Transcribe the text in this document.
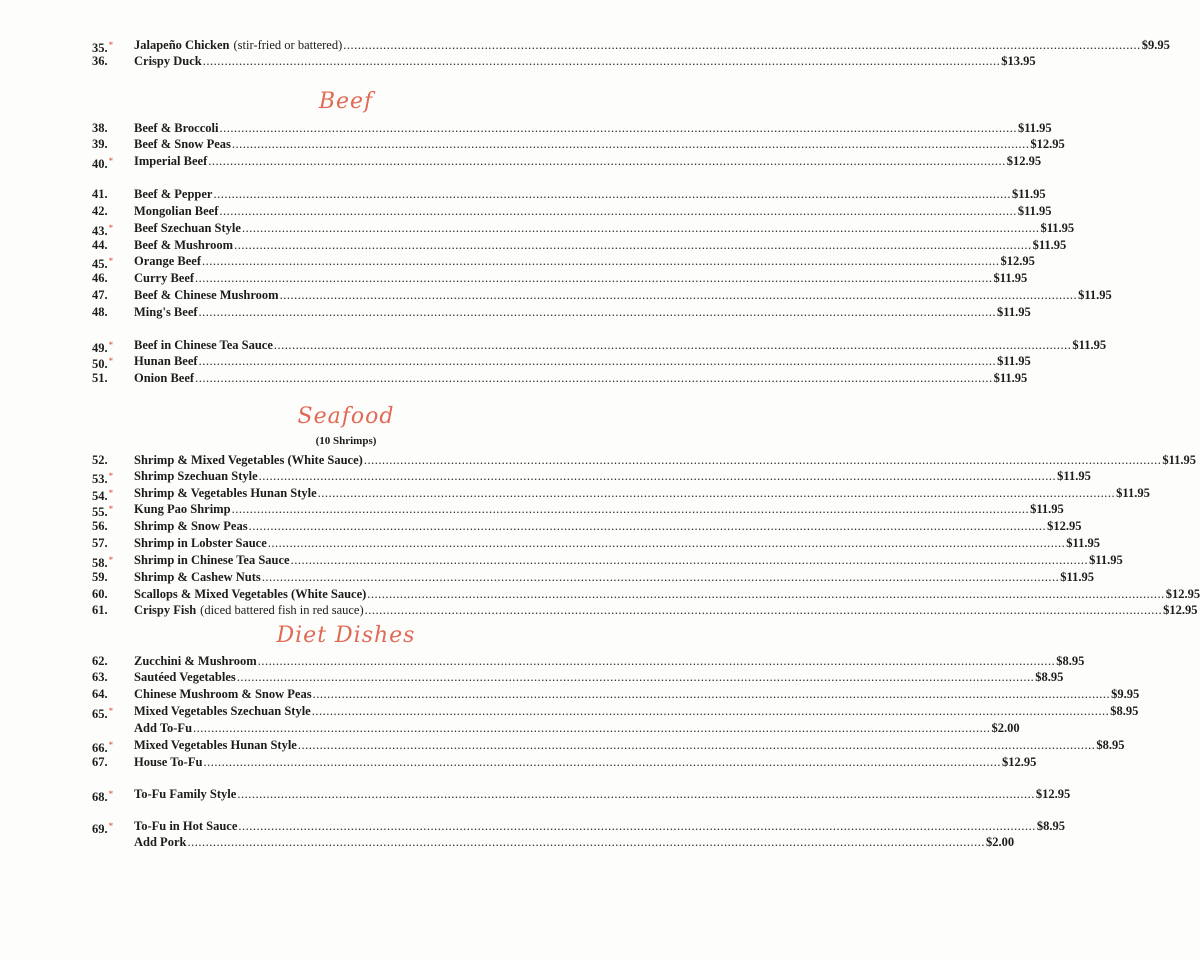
35.* Jalapeño Chicken (stir-fried or battered) ............................................................................................................................................................................................................................ $9.95
36. Crispy Duck ............................................................................................................................................................................................................................ $13.95
Beef
38. Beef & Broccoli ............................................................................................................................................................................................................................ $11.95
39. Beef & Snow Peas ............................................................................................................................................................................................................................ $12.95
40.* Imperial Beef ............................................................................................................................................................................................................................ $12.95
41. Beef & Pepper ............................................................................................................................................................................................................................ $11.95
42. Mongolian Beef ............................................................................................................................................................................................................................ $11.95
43.* Beef Szechuan Style ............................................................................................................................................................................................................................ $11.95
44. Beef & Mushroom ............................................................................................................................................................................................................................ $11.95
45.* Orange Beef ............................................................................................................................................................................................................................ $12.95
46. Curry Beef ............................................................................................................................................................................................................................ $11.95
47. Beef & Chinese Mushroom ............................................................................................................................................................................................................................ $11.95
48. Ming's Beef ............................................................................................................................................................................................................................ $11.95
49.* Beef in Chinese Tea Sauce ............................................................................................................................................................................................................................ $11.95
50.* Hunan Beef ............................................................................................................................................................................................................................ $11.95
51. Onion Beef ............................................................................................................................................................................................................................ $11.95
Seafood
(10 Shrimps)
52. Shrimp & Mixed Vegetables (White Sauce) ............................................................................................................................................................................................................................ $11.95
53.* Shrimp Szechuan Style ............................................................................................................................................................................................................................ $11.95
54.* Shrimp & Vegetables Hunan Style ............................................................................................................................................................................................................................ $11.95
55.* Kung Pao Shrimp ............................................................................................................................................................................................................................ $11.95
56. Shrimp & Snow Peas ............................................................................................................................................................................................................................ $12.95
57. Shrimp in Lobster Sauce ............................................................................................................................................................................................................................ $11.95
58.* Shrimp in Chinese Tea Sauce ............................................................................................................................................................................................................................ $11.95
59. Shrimp & Cashew Nuts ............................................................................................................................................................................................................................ $11.95
60. Scallops & Mixed Vegetables (White Sauce) ............................................................................................................................................................................................................................ $12.95
61. Crispy Fish (diced battered fish in red sauce) ............................................................................................................................................................................................................................ $12.95
Diet Dishes
62. Zucchini & Mushroom ............................................................................................................................................................................................................................ $8.95
63. Sautéed Vegetables ............................................................................................................................................................................................................................ $8.95
64. Chinese Mushroom & Snow Peas ............................................................................................................................................................................................................................ $9.95
65.* Mixed Vegetables Szechuan Style ............................................................................................................................................................................................................................ $8.95
Add To-Fu ............................................................................................................................................................................................................................ $2.00
66.* Mixed Vegetables Hunan Style ............................................................................................................................................................................................................................ $8.95
67. House To-Fu ............................................................................................................................................................................................................................ $12.95
68.* To-Fu Family Style ............................................................................................................................................................................................................................ $12.95
69.* To-Fu in Hot Sauce ............................................................................................................................................................................................................................ $8.95
Add Pork ............................................................................................................................................................................................................................ $2.00
